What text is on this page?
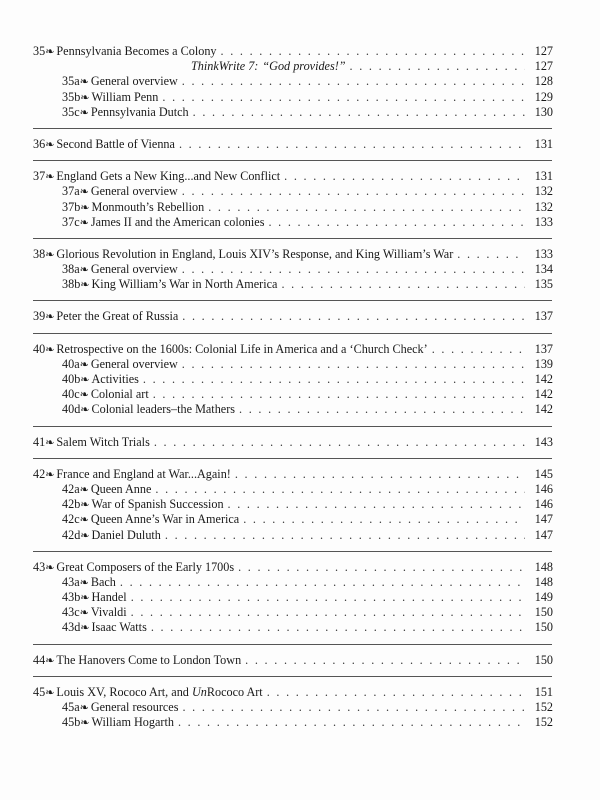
35 ❧ Pennsylvania Becomes a Colony . . .	127
ThinkWrite 7: “God provides!” . . .	127
35a ❧ General overview . . .	128
35b ❧ William Penn . . .	129
35c ❧ Pennsylvania Dutch . . .	130
36 ❧ Second Battle of Vienna . . .	131
37 ❧ England Gets a New King...and New Conflict . . .	131
37a ❧ General overview . . .	132
37b ❧ Monmouth’s Rebellion . . .	132
37c ❧ James II and the American colonies . . .	133
38 ❧ Glorious Revolution in England, Louis XIV’s Response, and King William’s War . . .	133
38a ❧ General overview . . .	134
38b ❧ King William’s War in North America . . .	135
39 ❧ Peter the Great of Russia . . .	137
40 ❧ Retrospective on the 1600s: Colonial Life in America and a ‘Church Check’ . . .	137
40a ❧ General overview . . .	139
40b ❧ Activities . . .	142
40c ❧ Colonial art . . .	142
40d ❧ Colonial leaders–the Mathers . . .	142
41 ❧ Salem Witch Trials . . .	143
42 ❧ France and England at War...Again! . . .	145
42a ❧ Queen Anne . . .	146
42b ❧ War of Spanish Succession . . .	146
42c ❧ Queen Anne’s War in America . . .	147
42d ❧ Daniel Duluth . . .	147
43 ❧ Great Composers of the Early 1700s . . .	148
43a ❧ Bach . . .	148
43b ❧ Handel . . .	149
43c ❧ Vivaldi . . .	150
43d ❧ Isaac Watts . . .	150
44 ❧ The Hanovers Come to London Town . . .	150
45 ❧ Louis XV, Rococo Art, and UnRococo Art . . .	151
45a ❧ General resources . . .	152
45b ❧ William Hogarth . . .	152
